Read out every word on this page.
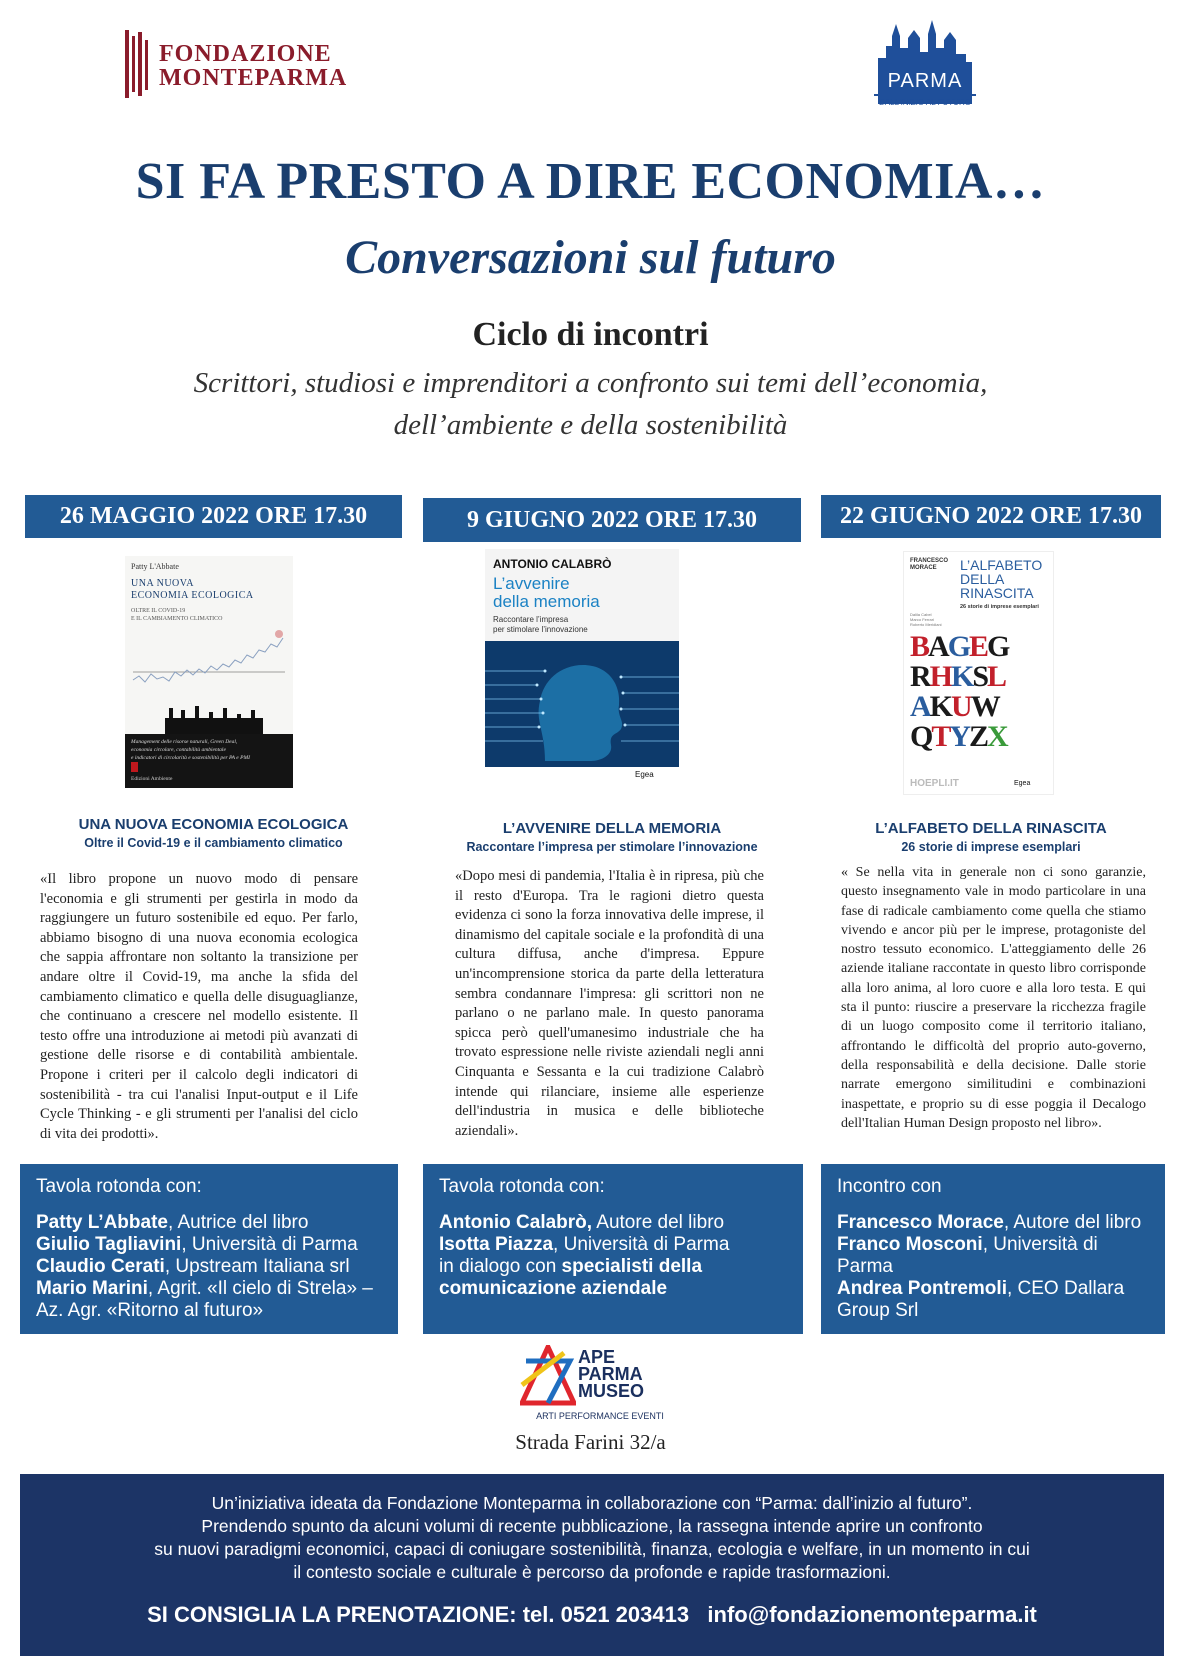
FONDAZIONE
MONTEPARMA	PARMA
DALL'INIZIO AL FUTURO
SI FA PRESTO A DIRE ECONOMIA…
Conversazioni sul futuro
Ciclo di incontri
Scrittori, studiosi e imprenditori a confronto sui temi dell’economia,
dell’ambiente e della sostenibilità
26 MAGGIO 2022 ORE 17.30	9 GIUGNO 2022 ORE 17.30	22 GIUGNO 2022 ORE 17.30
Patty L'Abbate
UNA NUOVA
ECONOMIA ECOLOGICA
OLTRE IL COVID-19
E IL CAMBIAMENTO CLIMATICO
Management delle risorse naturali, Green Deal,
economia circolare, contabilità ambientale
e indicatori di circolarità e sostenibilità per PA e PMI
Edizioni Ambiente
ANTONIO CALABRÒ
L’avvenire
della memoria
Raccontare l’impresa
per stimolare l’innovazione
Egea
FRANCESCO
MORACE	L’ALFABETO
DELLA
RINASCITA
26 storie di imprese esemplari
Dalila Cabel
Marco Ferrari
Roberto Meridiani
BAGEG
RHKSL
AKUW
QTYZX
HOEPLI.IT	Egea
UNA NUOVA ECONOMIA ECOLOGICA
Oltre il Covid-19 e il cambiamento climatico
L’AVVENIRE DELLA MEMORIA
Raccontare l’impresa per stimolare l’innovazione
L’ALFABETO DELLA RINASCITA
26 storie di imprese esemplari
«Il libro propone un nuovo modo di pensare l'economia e gli strumenti per gestirla in modo da raggiungere un futuro sostenibile ed equo. Per farlo, abbiamo bisogno di una nuova economia ecologica che sappia affrontare non soltanto la transizione per andare oltre il Covid-19, ma anche la sfida del cambiamento climatico e quella delle disuguaglianze, che continuano a crescere nel modello esistente. Il testo offre una introduzione ai metodi più avanzati di gestione delle risorse e di contabilità ambientale. Propone i criteri per il calcolo degli indicatori di sostenibilità - tra cui l'analisi Input-output e il Life Cycle Thinking - e gli strumenti per l'analisi del ciclo di vita dei prodotti».
«Dopo mesi di pandemia, l'Italia è in ripresa, più che il resto d'Europa. Tra le ragioni dietro questa evidenza ci sono la forza innovativa delle imprese, il dinamismo del capitale sociale e la profondità di una cultura diffusa, anche d'impresa. Eppure un'incomprensione storica da parte della letteratura sembra condannare l'impresa: gli scrittori non ne parlano o ne parlano male. In questo panorama spicca però quell'umanesimo industriale che ha trovato espressione nelle riviste aziendali negli anni Cinquanta e Sessanta e la cui tradizione Calabrò intende qui rilanciare, insieme alle esperienze dell'industria in musica e delle biblioteche aziendali».
« Se nella vita in generale non ci sono garanzie, questo insegnamento vale in modo particolare in una fase di radicale cambiamento come quella che stiamo vivendo e ancor più per le imprese, protagoniste del nostro tessuto economico. L'atteggiamento delle 26 aziende italiane raccontate in questo libro corrisponde alla loro anima, al loro cuore e alla loro testa. E qui sta il punto: riuscire a preservare la ricchezza fragile di un luogo composito come il territorio italiano, affrontando le difficoltà del proprio auto-governo, della responsabilità e della decisione. Dalle storie narrate emergono similitudini e combinazioni inaspettate, e proprio su di esse poggia il Decalogo dell'Italian Human Design proposto nel libro».
Tavola rotonda con:
Patty L’Abbate, Autrice del libro
Giulio Tagliavini, Università di Parma
Claudio Cerati, Upstream Italiana srl
Mario Marini, Agrit. «Il cielo di Strela» – Az. Agr. «Ritorno al futuro»
Tavola rotonda con:
Antonio Calabrò, Autore del libro
Isotta Piazza, Università di Parma
in dialogo con specialisti della comunicazione aziendale
Incontro con
Francesco Morace, Autore del libro
Franco Mosconi, Università di Parma
Andrea Pontremoli, CEO Dallara Group Srl
APE
PARMA
MUSEO
ARTI PERFORMANCE EVENTI
Strada Farini 32/a
Un’iniziativa ideata da Fondazione Monteparma in collaborazione con “Parma: dall’inizio al futuro”.
Prendendo spunto da alcuni volumi di recente pubblicazione, la rassegna intende aprire un confronto
su nuovi paradigmi economici, capaci di coniugare sostenibilità, finanza, ecologia e welfare, in un momento in cui
il contesto sociale e culturale è percorso da profonde e rapide trasformazioni.
SI CONSIGLIA LA PRENOTAZIONE: tel. 0521 203413   info@fondazionemonteparma.it
